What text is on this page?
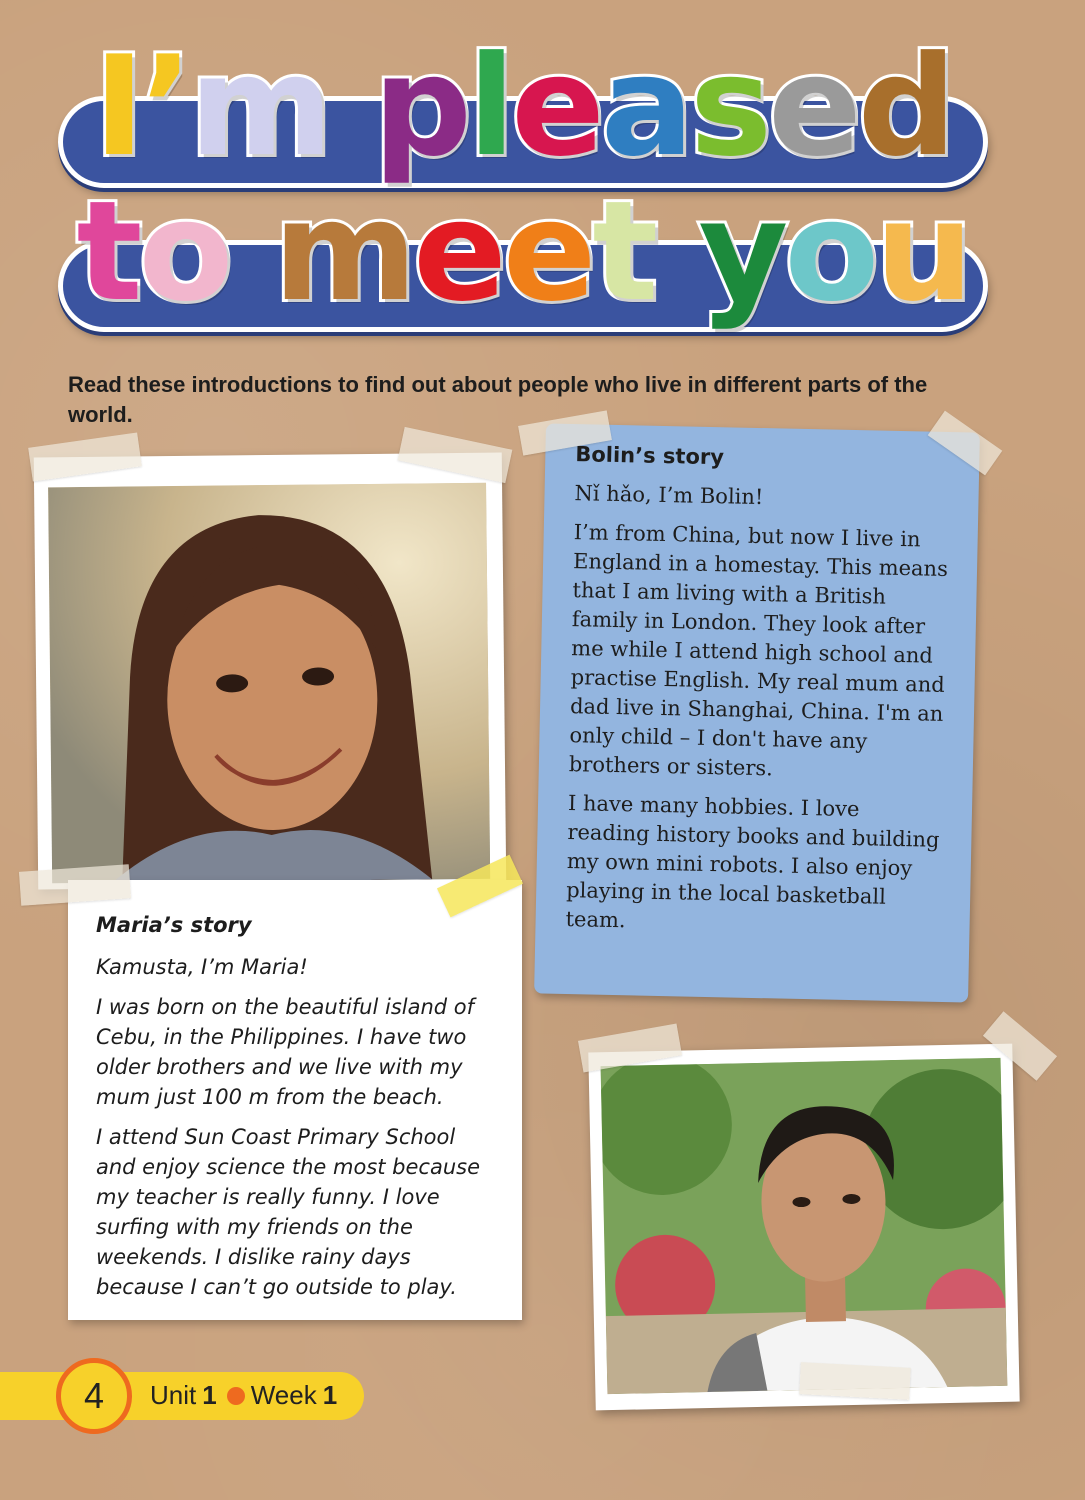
I’m pleased
to meet you
Read these introductions to find out about people who live in different parts of the world.
Bolin’s story

Nǐ hǎo, I’m Bolin!

I’m from China, but now I live in England in a homestay. This means that I am living with a British family in London. They look after me while I attend high school and practise English. My real mum and dad live in Shanghai, China. I'm an only child – I don't have any brothers or sisters.

I have many hobbies. I love reading history books and building my own mini robots. I also enjoy playing in the local basketball team.

Maria’s story

Kamusta, I’m Maria!

I was born on the beautiful island of Cebu, in the Philippines. I have two older brothers and we live with my mum just 100 m from the beach.

I attend Sun Coast Primary School and enjoy science the most because my teacher is really funny. I love surfing with my friends on the weekends. I dislike rainy days because I can’t go outside to play.

4 Unit 1 Week 1
